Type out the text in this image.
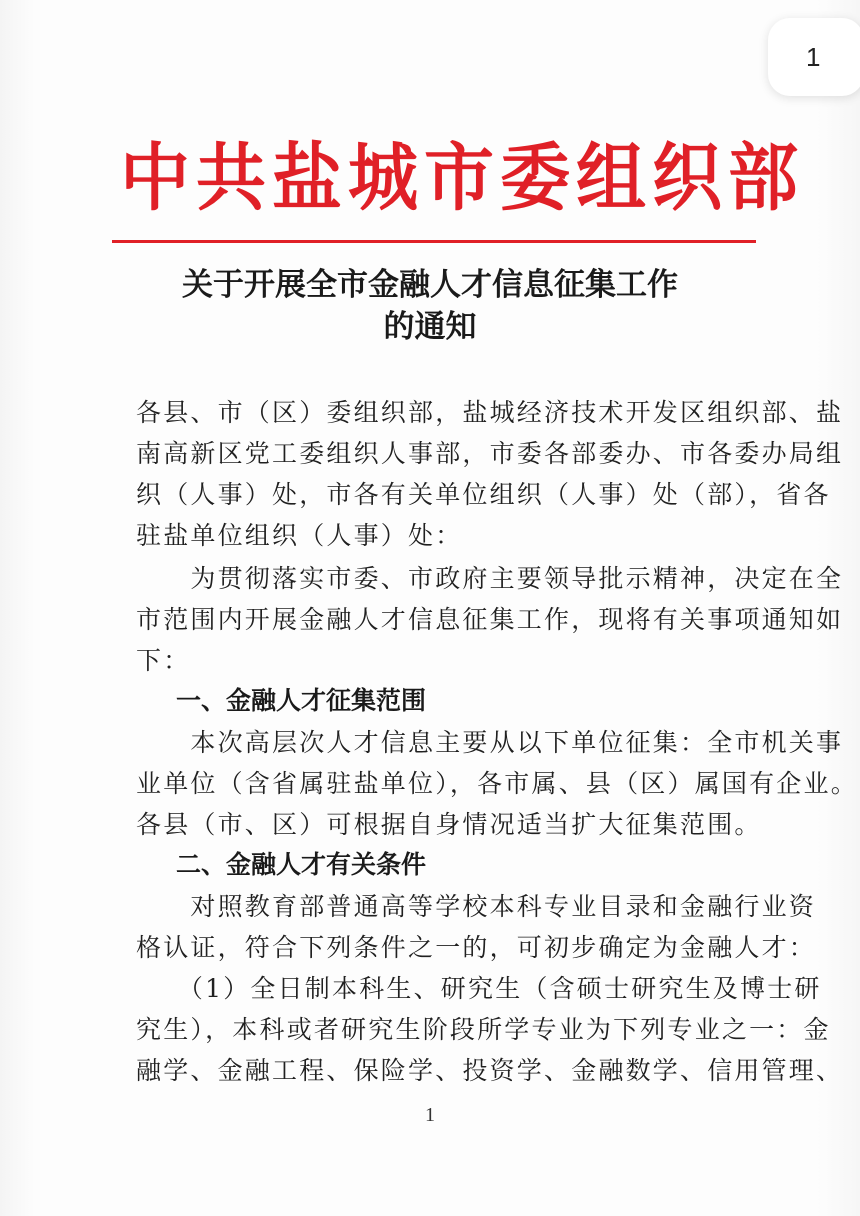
1
中共盐城市委组织部
关于开展全市金融人才信息征集工作
的通知
各县、市（区）委组织部，盐城经济技术开发区组织部、盐
南高新区党工委组织人事部，市委各部委办、市各委办局组
织（人事）处，市各有关单位组织（人事）处（部），省各
驻盐单位组织（人事）处：
　　为贯彻落实市委、市政府主要领导批示精神，决定在全
市范围内开展金融人才信息征集工作，现将有关事项通知如
下：
一、金融人才征集范围
　　本次高层次人才信息主要从以下单位征集：全市机关事
业单位（含省属驻盐单位），各市属、县（区）属国有企业。
各县（市、区）可根据自身情况适当扩大征集范围。
二、金融人才有关条件
　　对照教育部普通高等学校本科专业目录和金融行业资
格认证，符合下列条件之一的，可初步确定为金融人才：
　　（1）全日制本科生、研究生（含硕士研究生及博士研
究生），本科或者研究生阶段所学专业为下列专业之一：金
融学、金融工程、保险学、投资学、金融数学、信用管理、
1
